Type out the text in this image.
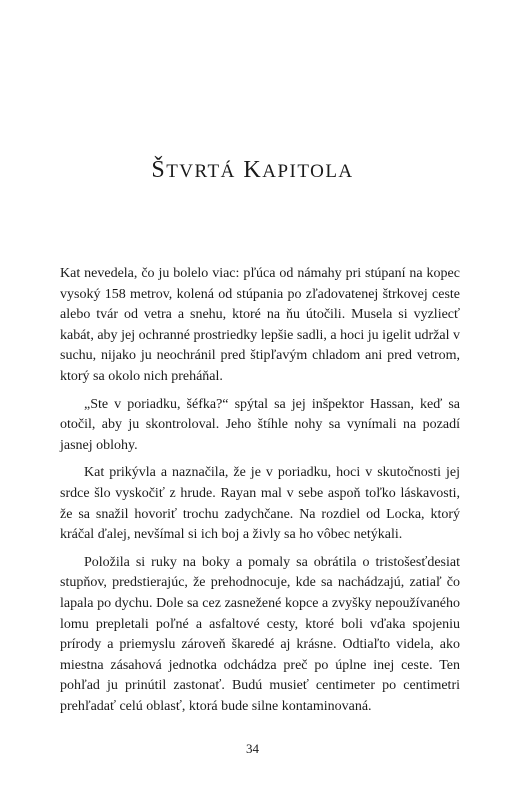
ŠTVRTÁ KAPITOLA

Kat nevedela, čo ju bolelo viac: pľúca od námahy pri stúpaní na kopec vysoký 158 metrov, kolená od stúpania po zľadovatenej štrkovej ceste alebo tvár od vetra a snehu, ktoré na ňu útočili. Musela si vyzliecť kabát, aby jej ochranné prostriedky lepšie sadli, a hoci ju igelit udržal v suchu, nijako ju neochránil pred štipľavým chladom ani pred vetrom, ktorý sa okolo nich preháňal.

„Ste v poriadku, šéfka?“ spýtal sa jej inšpektor Hassan, keď sa otočil, aby ju skontroloval. Jeho štíhle nohy sa vynímali na pozadí jasnej oblohy.

Kat prikývla a naznačila, že je v poriadku, hoci v skutočnosti jej srdce šlo vyskočiť z hrude. Rayan mal v sebe aspoň toľko láskavosti, že sa snažil hovoriť trochu zadychčane. Na rozdiel od Locka, ktorý kráčal ďalej, nevšímal si ich boj a živly sa ho vôbec netýkali.

Položila si ruky na boky a pomaly sa obrátila o tristošesťdesiat stupňov, predstierajúc, že prehodnocuje, kde sa nachádzajú, zatiaľ čo lapala po dychu. Dole sa cez zasnežené kopce a zvyšky nepoužívaného lomu prepletali poľné a asfaltové cesty, ktoré boli vďaka spojeniu prírody a priemyslu zároveň škaredé aj krásne. Odtiaľto videla, ako miestna zásahová jednotka odchádza preč po úplne inej ceste. Ten pohľad ju prinútil zastonať. Budú musieť centimeter po centimetri prehľadať celú oblasť, ktorá bude silne kontaminovaná.

34
